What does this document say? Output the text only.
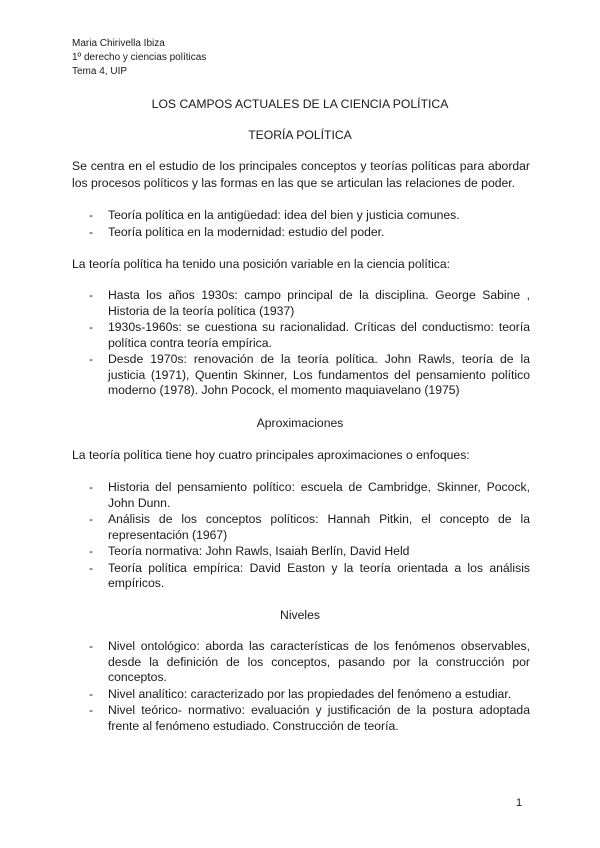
Maria Chirivella Ibiza
1º derecho y ciencias políticas
Tema 4, UIP
LOS CAMPOS ACTUALES DE LA CIENCIA POLÍTICA
TEORÍA POLÍTICA
Se centra en el estudio de los principales conceptos y teorías políticas para abordar los procesos políticos y las formas en las que se articulan las relaciones de poder.
- Teoría política en la antigüedad: idea del bien y justicia comunes.
- Teoría política en la modernidad: estudio del poder.
La teoría política ha tenido una posición variable en la ciencia política:
- Hasta los años 1930s: campo principal de la disciplina. George Sabine , Historia de la teoría política (1937)
- 1930s-1960s: se cuestiona su racionalidad. Críticas del conductismo: teoría política contra teoría empírica.
- Desde 1970s: renovación de la teoría política. John Rawls, teoría de la justicia (1971), Quentin Skinner, Los fundamentos del pensamiento político moderno (1978). John Pocock, el momento maquiavelano (1975)
Aproximaciones
La teoría política tiene hoy cuatro principales aproximaciones o enfoques:
- Historia del pensamiento político: escuela de Cambridge, Skinner, Pocock, John Dunn.
- Análisis de los conceptos políticos: Hannah Pitkin, el concepto de la representación (1967)
- Teoría normativa: John Rawls, Isaiah Berlín, David Held
- Teoría política empírica: David Easton y la teoría orientada a los análisis empíricos.
Niveles
- Nivel ontológico: aborda las características de los fenómenos observables, desde la definición de los conceptos, pasando por la construcción por conceptos.
- Nivel analítico: caracterizado por las propiedades del fenómeno a estudiar.
- Nivel teórico- normativo: evaluación y justificación de la postura adoptada frente al fenómeno estudiado. Construcción de teoría.
1
